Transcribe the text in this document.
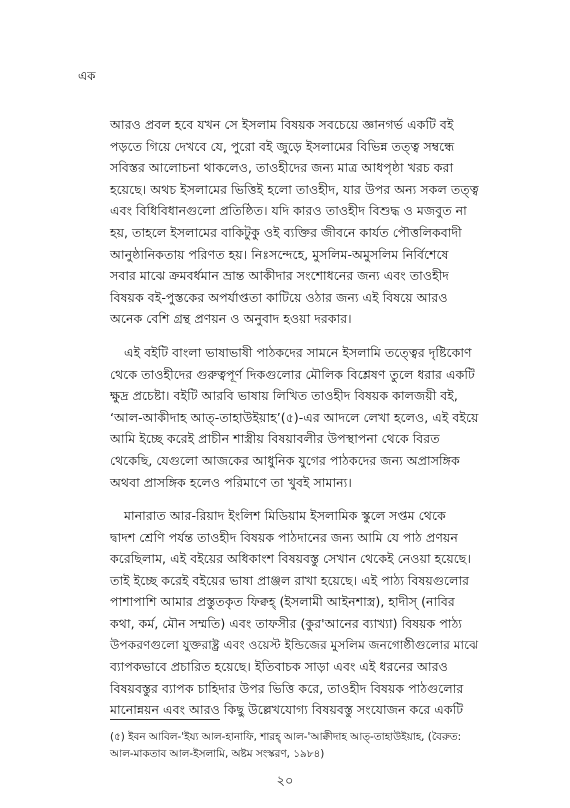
এক

আরও প্রবল হবে যখন সে ইসলাম বিষয়ক সবচেয়ে জ্ঞানগর্ভ একটি বই
পড়তে গিয়ে দেখবে যে, পুরো বই জুড়ে ইসলামের বিভিন্ন তত্ত্ব সম্বন্ধে
সবিস্তর আলোচনা থাকলেও, তাওহীদের জন্য মাত্র আধপৃষ্ঠা খরচ করা
হয়েছে। অথচ ইসলামের ভিত্তিই হলো তাওহীদ, যার উপর অন্য সকল তত্ত্ব
এবং বিধিবিধানগুলো প্রতিষ্ঠিত। যদি কারও তাওহীদ বিশুদ্ধ ও মজবুত না
হয়, তাহলে ইসলামের বাকিটুকু ওই ব্যক্তির জীবনে কার্যত পৌত্তলিকবাদী
আনুষ্ঠানিকতায় পরিণত হয়। নিঃসন্দেহে, মুসলিম-অমুসলিম নির্বিশেষে
সবার মাঝে ক্রমবর্ধমান ভ্রান্ত আকীদার সংশোধনের জন্য এবং তাওহীদ
বিষয়ক বই-পুস্তকের অপর্যাপ্ততা কাটিয়ে ওঠার জন্য এই বিষয়ে আরও
অনেক বেশি গ্রন্থ প্রণয়ন ও অনুবাদ হওয়া দরকার।

এই বইটি বাংলা ভাষাভাষী পাঠকদের সামনে ইসলামি তত্ত্বের দৃষ্টিকোণ
থেকে তাওহীদের গুরুত্বপূর্ণ দিকগুলোর মৌলিক বিশ্লেষণ তুলে ধরার একটি
ক্ষুদ্র প্রচেষ্টা। বইটি আরবি ভাষায় লিখিত তাওহীদ বিষয়ক কালজয়ী বই,
‘আল-আকীদাহ আত্-তাহাউইয়াহ’(৫)-এর আদলে লেখা হলেও, এই বইয়ে
আমি ইচ্ছে করেই প্রাচীন শাস্ত্রীয় বিষয়াবলীর উপস্থাপনা থেকে বিরত
থেকেছি, যেগুলো আজকের আধুনিক যুগের পাঠকদের জন্য অপ্রাসঙ্গিক
অথবা প্রাসঙ্গিক হলেও পরিমাণে তা খুবই সামান্য।

মানারাত আর-রিয়াদ ইংলিশ মিডিয়াম ইসলামিক স্কুলে সপ্তম থেকে
দ্বাদশ শ্রেণি পর্যন্ত তাওহীদ বিষয়ক পাঠদানের জন্য আমি যে পাঠ প্রণয়ন
করেছিলাম, এই বইয়ের অধিকাংশ বিষয়বস্তু সেখান থেকেই নেওয়া হয়েছে।
তাই ইচ্ছে করেই বইয়ের ভাষা প্রাঞ্জল রাখা হয়েছে। এই পাঠ্য বিষয়গুলোর
পাশাপাশি আমার প্রস্তুতকৃত ফিক্বহ্ (ইসলামী আইনশাস্ত্র), হাদীস্ (নাবির
কথা, কর্ম, মৌন সম্মতি) এবং তাফসীর (কুর'আনের ব্যাখ্যা) বিষয়ক পাঠ্য
উপকরণগুলো যুক্তরাষ্ট্র এবং ওয়েস্ট ইন্ডিজের মুসলিম জনগোষ্ঠীগুলোর মাঝে
ব্যাপকভাবে প্রচারিত হয়েছে। ইতিবাচক সাড়া এবং এই ধরনের আরও
বিষয়বস্তুর ব্যাপক চাহিদার উপর ভিত্তি করে, তাওহীদ বিষয়ক পাঠগুলোর
মানোন্নয়ন এবং আরও কিছু উল্লেখযোগ্য বিষয়বস্তু সংযোজন করে একটি

(৫) ইবন আবিল-'ইয্য আল-হানাফি, শারহ্ আল-'আক্বীদাহ আত্-তাহাউইয়াহ, (বৈরুত:
আল-মাকতাব আল-ইসলামি, অষ্টম সংস্করণ, ১৯৮৪)
২০
